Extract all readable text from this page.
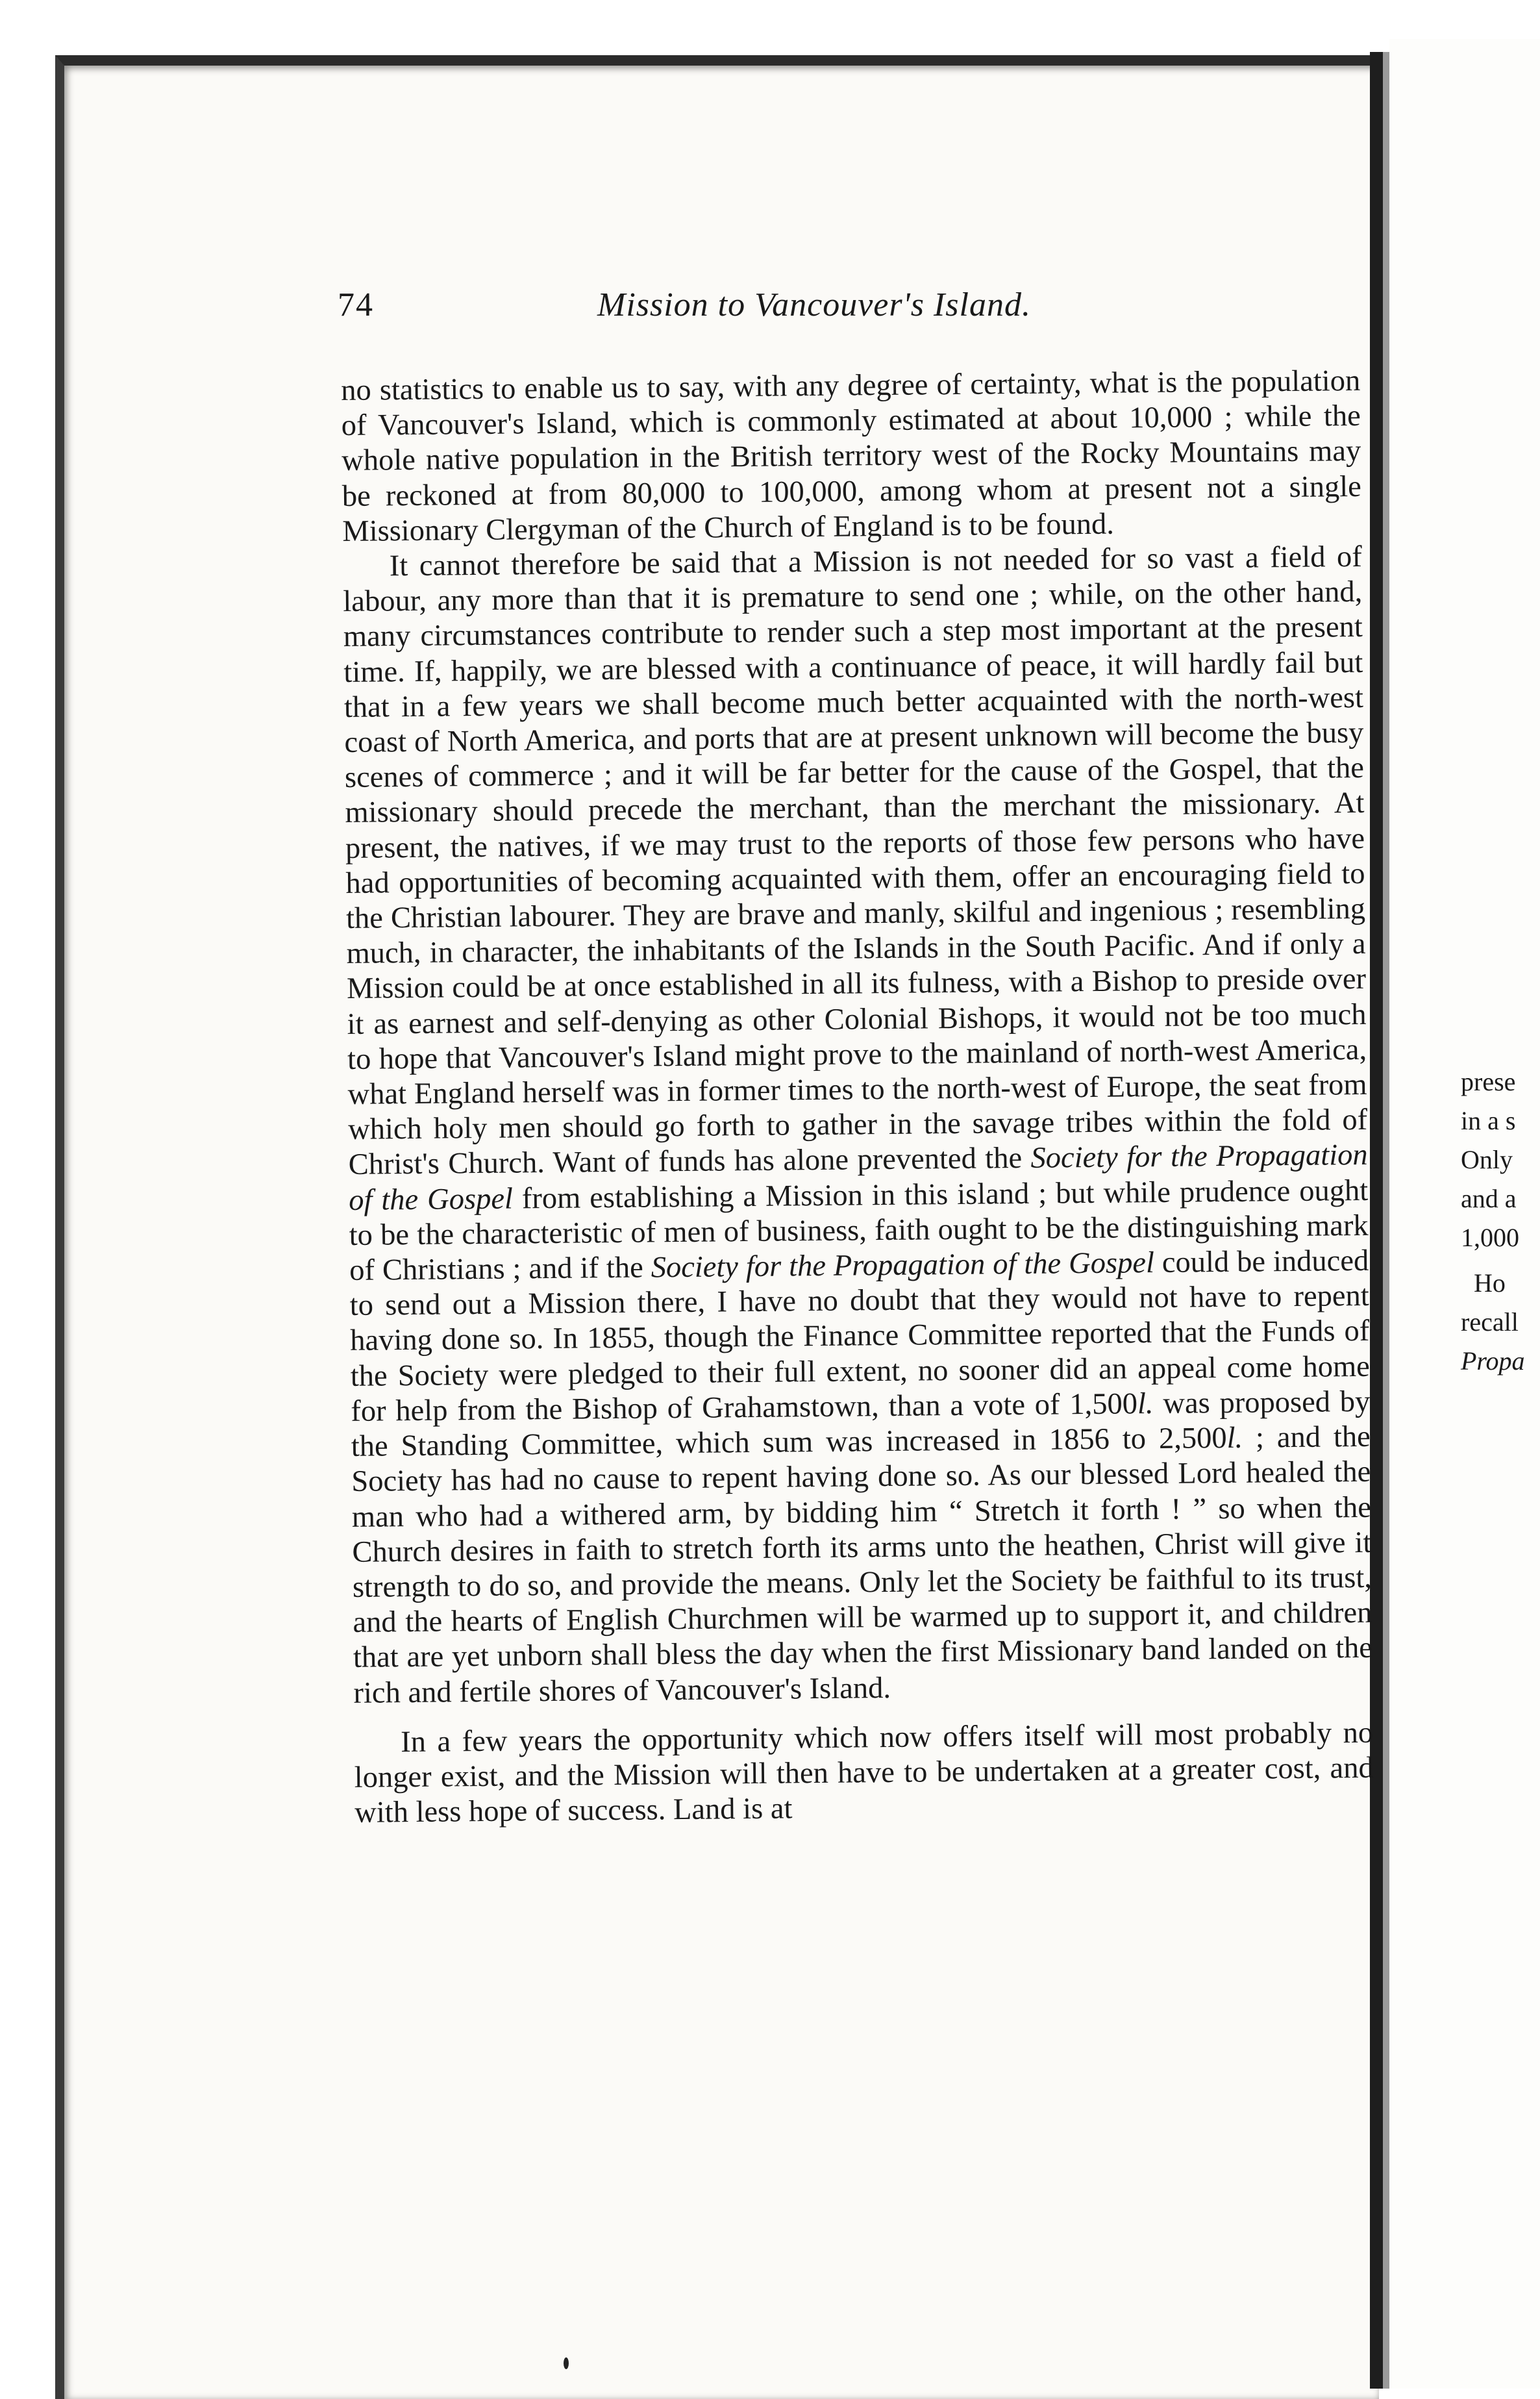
prese
in a s
Only
and a
1,000
Ho
recall
Propa
74	Mission to Vancouver's Island.

no statistics to enable us to say, with any degree of certainty, what is the population of Vancouver's Island, which is commonly estimated at about 10,000 ; while the whole native population in the British territory west of the Rocky Mountains may be reckoned at from 80,000 to 100,000, among whom at present not a single Missionary Clergyman of the Church of England is to be found.

It cannot therefore be said that a Mission is not needed for so vast a field of labour, any more than that it is premature to send one ; while, on the other hand, many circumstances contribute to render such a step most important at the present time. If, happily, we are blessed with a continuance of peace, it will hardly fail but that in a few years we shall become much better acquainted with the north-west coast of North America, and ports that are at present unknown will become the busy scenes of commerce ; and it will be far better for the cause of the Gospel, that the missionary should precede the merchant, than the merchant the missionary. At present, the natives, if we may trust to the reports of those few persons who have had opportunities of becoming acquainted with them, offer an encouraging field to the Christian labourer. They are brave and manly, skilful and ingenious ; resembling much, in character, the inhabitants of the Islands in the South Pacific. And if only a Mission could be at once established in all its fulness, with a Bishop to preside over it as earnest and self-denying as other Colonial Bishops, it would not be too much to hope that Vancouver's Island might prove to the mainland of north-west America, what England herself was in former times to the north-west of Europe, the seat from which holy men should go forth to gather in the savage tribes within the fold of Christ's Church. Want of funds has alone prevented the Society for the Propagation of the Gospel from establishing a Mission in this island ; but while prudence ought to be the characteristic of men of business, faith ought to be the distinguishing mark of Christians ; and if the Society for the Propagation of the Gospel could be induced to send out a Mission there, I have no doubt that they would not have to repent having done so. In 1855, though the Finance Committee reported that the Funds of the Society were pledged to their full extent, no sooner did an appeal come home for help from the Bishop of Grahamstown, than a vote of 1,500l. was proposed by the Standing Committee, which sum was increased in 1856 to 2,500l. ; and the Society has had no cause to repent having done so. As our blessed Lord healed the man who had a withered arm, by bidding him “ Stretch it forth ! ” so when the Church desires in faith to stretch forth its arms unto the heathen, Christ will give it strength to do so, and provide the means. Only let the Society be faithful to its trust, and the hearts of English Churchmen will be warmed up to support it, and children that are yet unborn shall bless the day when the first Missionary band landed on the rich and fertile shores of Vancouver's Island.

In a few years the opportunity which now offers itself will most probably no longer exist, and the Mission will then have to be undertaken at a greater cost, and with less hope of success. Land is at
